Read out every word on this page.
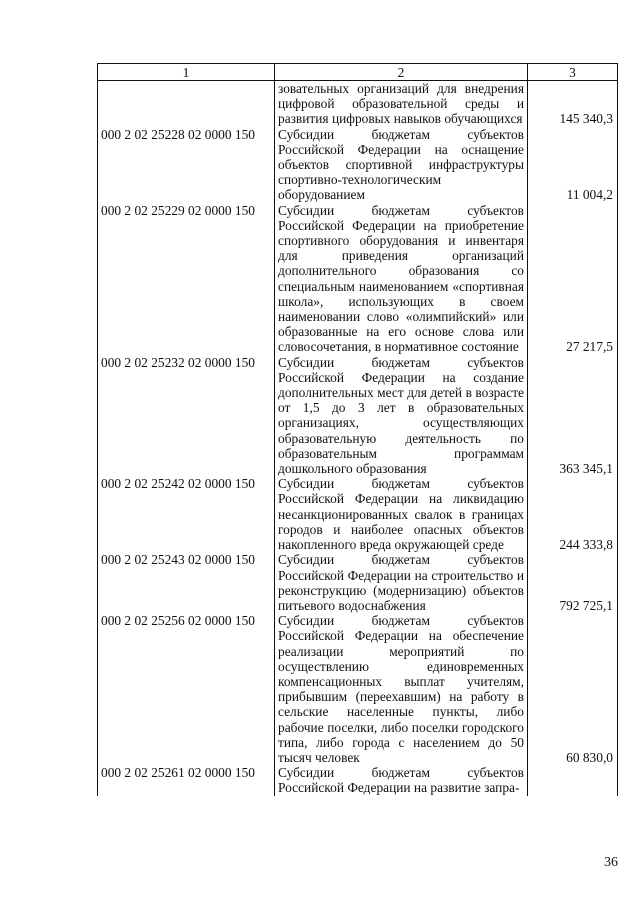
1	2	3
	зовательных организаций для внедрения цифровой образовательной среды и развития цифровых навыков обучающихся	145 340,3
000 2 02 25228 02 0000 150	Субсидии бюджетам субъектов Российской Федерации на оснащение объектов спортивной инфраструктуры спортивно-технологическим оборудованием	11 004,2
000 2 02 25229 02 0000 150	Субсидии бюджетам субъектов Российской Федерации на приобретение спортивного оборудования и инвентаря для приведения организаций дополнительного образования со специальным наименованием «спортивная школа», использующих в своем наименовании слово «олимпийский» или образованные на его основе слова или словосочетания, в нормативное состояние	27 217,5
000 2 02 25232 02 0000 150	Субсидии бюджетам субъектов Российской Федерации на создание дополнительных мест для детей в возрасте от 1,5 до 3 лет в образовательных организациях, осуществляющих образовательную деятельность по образовательным программам дошкольного образования	363 345,1
000 2 02 25242 02 0000 150	Субсидии бюджетам субъектов Российской Федерации на ликвидацию несанкционированных свалок в границах городов и наиболее опасных объектов накопленного вреда окружающей среде	244 333,8
000 2 02 25243 02 0000 150	Субсидии бюджетам субъектов Российской Федерации на строительство и реконструкцию (модернизацию) объектов питьевого водоснабжения	792 725,1
000 2 02 25256 02 0000 150	Субсидии бюджетам субъектов Российской Федерации на обеспечение реализации мероприятий по осуществлению единовременных компенсационных выплат учителям, прибывшим (переехавшим) на работу в сельские населенные пункты, либо рабочие поселки, либо поселки городского типа, либо города с населением до 50 тысяч человек	60 830,0
000 2 02 25261 02 0000 150	Субсидии бюджетам субъектов Российской Федерации на развитие запра-	
36
